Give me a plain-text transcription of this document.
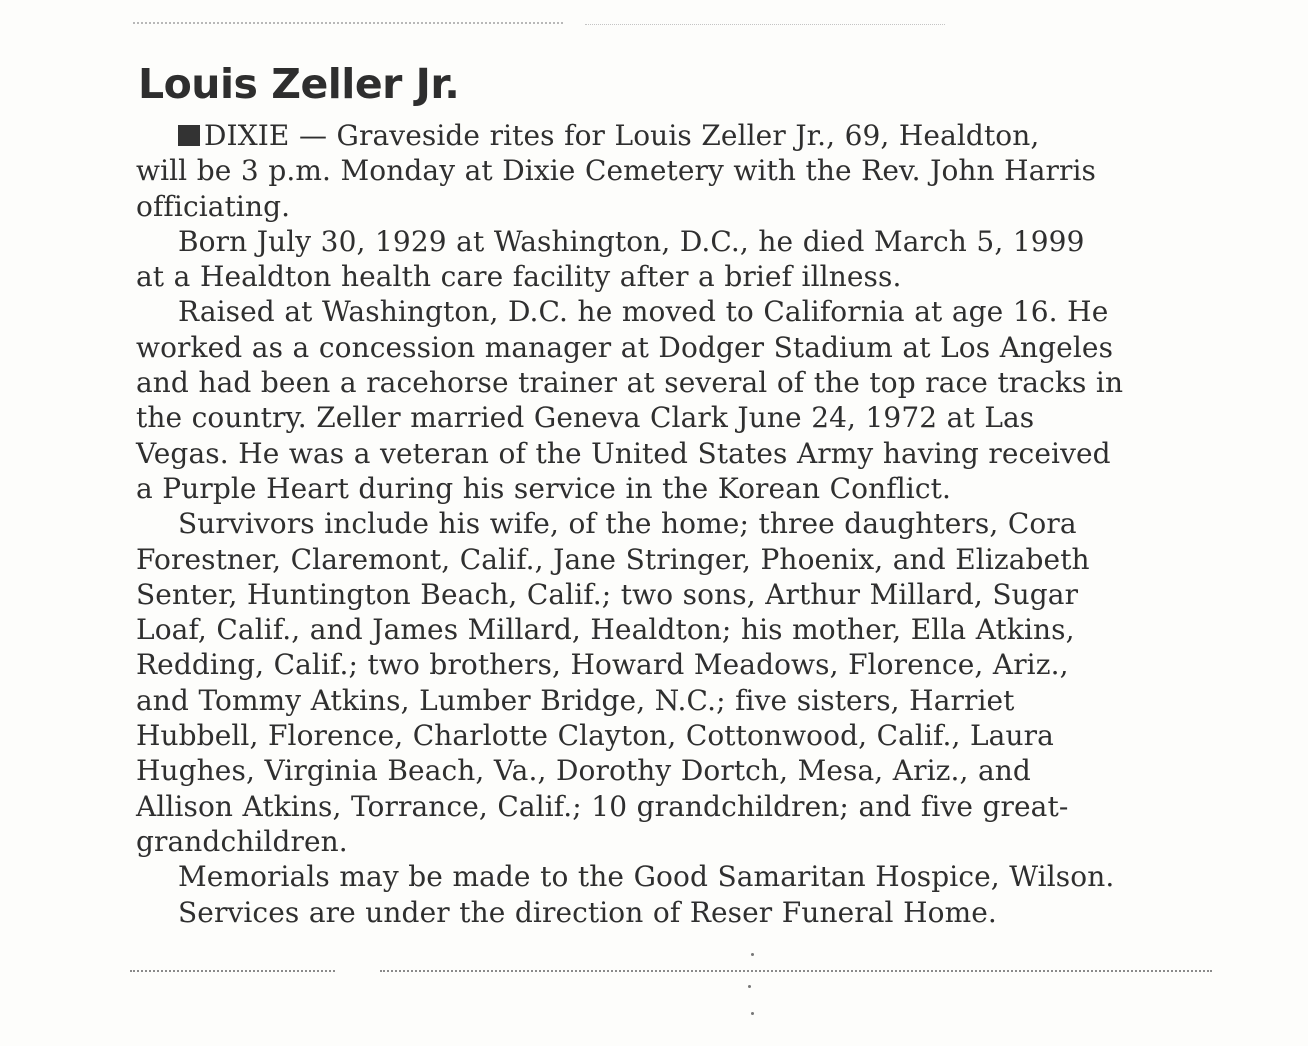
Louis Zeller Jr.
DIXIE — Graveside rites for Louis Zeller Jr., 69, Healdton,
will be 3 p.m. Monday at Dixie Cemetery with the Rev. John Harris
officiating.
Born July 30, 1929 at Washington, D.C., he died March 5, 1999
at a Healdton health care facility after a brief illness.
Raised at Washington, D.C. he moved to California at age 16. He
worked as a concession manager at Dodger Stadium at Los Angeles
and had been a racehorse trainer at several of the top race tracks in
the country. Zeller married Geneva Clark June 24, 1972 at Las
Vegas. He was a veteran of the United States Army having received
a Purple Heart during his service in the Korean Conflict.
Survivors include his wife, of the home; three daughters, Cora
Forestner, Claremont, Calif., Jane Stringer, Phoenix, and Elizabeth
Senter, Huntington Beach, Calif.; two sons, Arthur Millard, Sugar
Loaf, Calif., and James Millard, Healdton; his mother, Ella Atkins,
Redding, Calif.; two brothers, Howard Meadows, Florence, Ariz.,
and Tommy Atkins, Lumber Bridge, N.C.; five sisters, Harriet
Hubbell, Florence, Charlotte Clayton, Cottonwood, Calif., Laura
Hughes, Virginia Beach, Va., Dorothy Dortch, Mesa, Ariz., and
Allison Atkins, Torrance, Calif.; 10 grandchildren; and five great-
grandchildren.
Memorials may be made to the Good Samaritan Hospice, Wilson.
Services are under the direction of Reser Funeral Home.
